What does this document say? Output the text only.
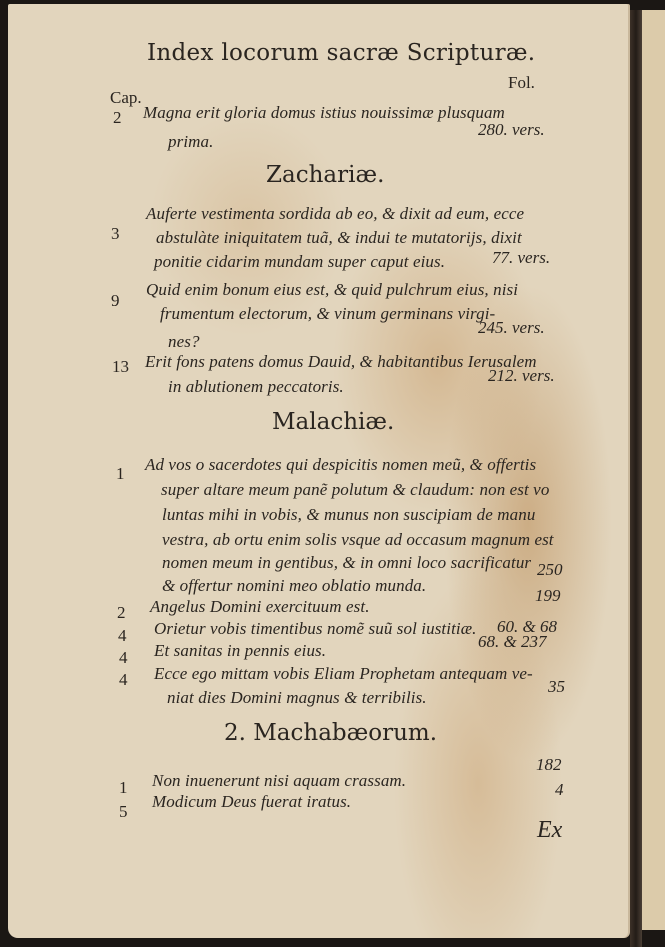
Index locorum sacræ Scripturæ.
Fol.
Cap.
2 Magna erit gloria domus istius nouissimæ plusquam
280. vers.
prima.
Zachariæ.
3
Auferte vestimenta sordida ab eo, & dixit ad eum, ecce
abstulàte iniquitatem tuã, & indui te mutatorijs, dixit
ponitie cidarim mundam super caput eius.	77. vers.
9
Quid enim bonum eius est, & quid pulchrum eius, nisi
frumentum electorum, & vinum germinans virgi-
245. vers.
nes?
13 Erit fons patens domus Dauid, & habitantibus Ierusalem
in ablutionem peccatoris.
212. vers.
Malachiæ.
1 Ad vos o sacerdotes qui despicitis nomen meũ, & offertis
super altare meum panẽ polutum & claudum: non est vo
luntas mihi in vobis, & munus non suscipiam de manu
vestra, ab ortu enim solis vsque ad occasum magnum est
nomen meum in gentibus, & in omni loco sacrificatur 250
& offertur nomini meo oblatio munda.
2 Angelus Domini exercituum est.
199
4 Orietur vobis timentibus nomẽ suũ sol iustitiæ. 60. & 68
4 Et sanitas in pennis eius.	68. & 237
4 Ecce ego mittam vobis Eliam Prophetam antequam ve-
niat dies Domini magnus & terribilis.
35
2. Machabæorum.
1 Non inuenerunt nisi aquam crassam.
182
5
Modicum Deus fuerat iratus.
4
Ex
